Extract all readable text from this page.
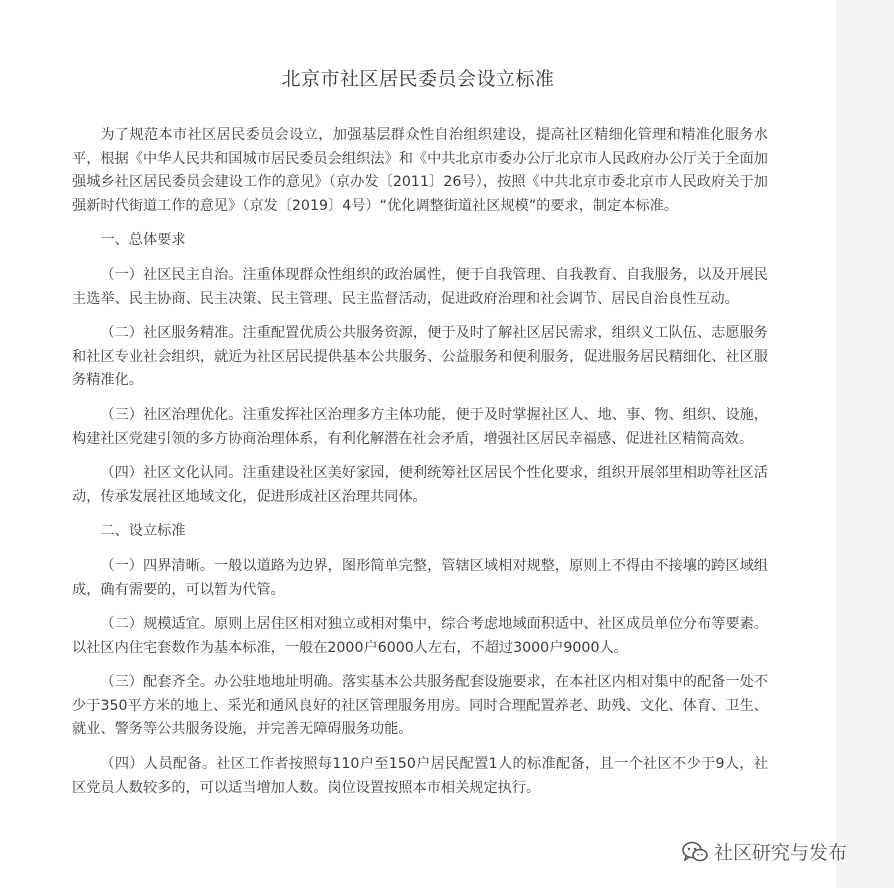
北京市社区居民委员会设立标准

为了规范本市社区居民委员会设立，加强基层群众性自治组织建设，提高社区精细化管理和精准化服务水平，根据《中华人民共和国城市居民委员会组织法》和《中共北京市委办公厅北京市人民政府办公厅关于全面加强城乡社区居民委员会建设工作的意见》（京办发〔2011〕26号），按照《中共北京市委北京市人民政府关于加强新时代街道工作的意见》（京发〔2019〕4号）“优化调整街道社区规模”的要求，制定本标准。

一、总体要求

（一）社区民主自治。注重体现群众性组织的政治属性，便于自我管理、自我教育、自我服务，以及开展民主选举、民主协商、民主决策、民主管理、民主监督活动，促进政府治理和社会调节、居民自治良性互动。

（二）社区服务精准。注重配置优质公共服务资源，便于及时了解社区居民需求，组织义工队伍、志愿服务和社区专业社会组织，就近为社区居民提供基本公共服务、公益服务和便利服务，促进服务居民精细化、社区服务精准化。

（三）社区治理优化。注重发挥社区治理多方主体功能，便于及时掌握社区人、地、事、物、组织、设施，构建社区党建引领的多方协商治理体系，有利化解潜在社会矛盾，增强社区居民幸福感、促进社区精简高效。

（四）社区文化认同。注重建设社区美好家园，便利统筹社区居民个性化要求，组织开展邻里相助等社区活动，传承发展社区地域文化，促进形成社区治理共同体。

二、设立标准

（一）四界清晰。一般以道路为边界，图形简单完整，管辖区域相对规整，原则上不得由不接壤的跨区域组成，确有需要的，可以暂为代管。

（二）规模适宜。原则上居住区相对独立或相对集中，综合考虑地域面积适中、社区成员单位分布等要素。以社区内住宅套数作为基本标准，一般在2000户6000人左右，不超过3000户9000人。

（三）配套齐全。办公驻地地址明确。落实基本公共服务配套设施要求，在本社区内相对集中的配备一处不少于350平方米的地上、采光和通风良好的社区管理服务用房。同时合理配置养老、助残、文化、体育、卫生、就业、警务等公共服务设施，并完善无障碍服务功能。

（四）人员配备。社区工作者按照每110户至150户居民配置1人的标准配备，且一个社区不少于9人，社区党员人数较多的，可以适当增加人数。岗位设置按照本市相关规定执行。

社区研究与发布
